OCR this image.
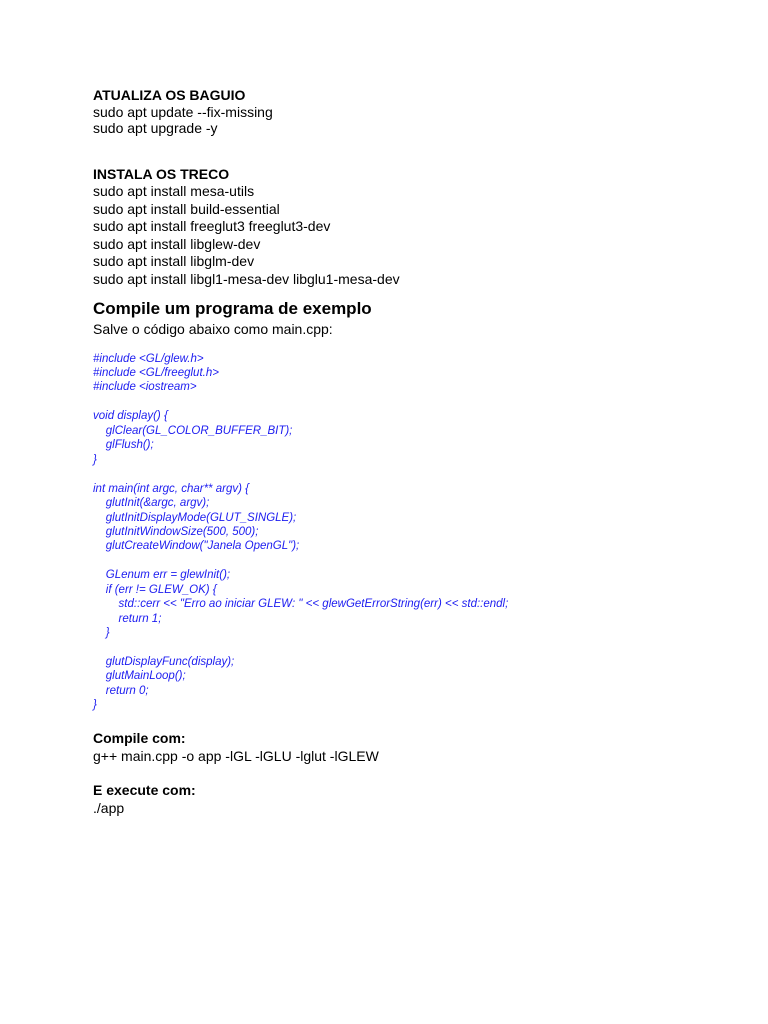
ATUALIZA OS BAGUIO

sudo apt update --fix-missing

sudo apt upgrade -y

INSTALA OS TRECO

sudo apt install mesa-utils

sudo apt install build-essential

sudo apt install freeglut3 freeglut3-dev

sudo apt install libglew-dev

sudo apt install libglm-dev

sudo apt install libgl1-mesa-dev libglu1-mesa-dev

Compile um programa de exemplo

Salve o código abaixo como main.cpp:

#include <GL/glew.h>
#include <GL/freeglut.h>
#include <iostream>
void display() {
glClear(GL_COLOR_BUFFER_BIT);
glFlush();
}
int main(int argc, char** argv) {
glutInit(&argc, argv);
glutInitDisplayMode(GLUT_SINGLE);
glutInitWindowSize(500, 500);
glutCreateWindow("Janela OpenGL");
GLenum err = glewInit();
if (err != GLEW_OK) {
std::cerr << "Erro ao iniciar GLEW: " << glewGetErrorString(err) << std::endl;
return 1;
}
glutDisplayFunc(display);
glutMainLoop();
return 0;
}

Compile com:

g++ main.cpp -o app -lGL -lGLU -lglut -lGLEW

E execute com:

./app
